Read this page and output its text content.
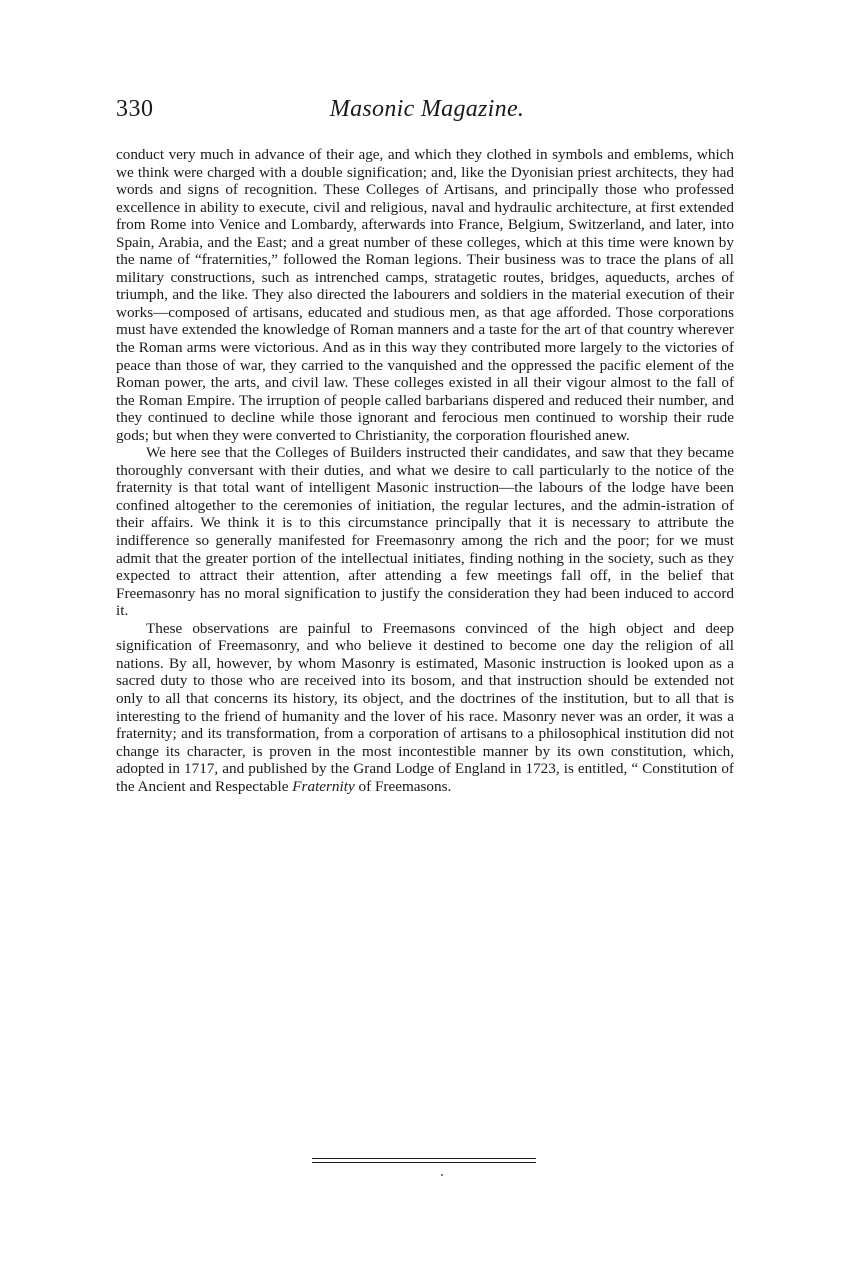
330	Masonic Magazine.

conduct very much in advance of their age, and which they clothed in symbols and emblems, which we think were charged with a double signification; and, like the Dyonisian priest architects, they had words and signs of recognition. These Colleges of Artisans, and principally those who professed excellence in ability to execute, civil and religious, naval and hydraulic architecture, at first extended from Rome into Venice and Lombardy, afterwards into France, Belgium, Switzerland, and later, into Spain, Arabia, and the East; and a great number of these colleges, which at this time were known by the name of “fraternities,” followed the Roman legions. Their business was to trace the plans of all military constructions, such as intrenched camps, stratagetic routes, bridges, aqueducts, arches of triumph, and the like. They also directed the labourers and soldiers in the material execution of their works—composed of artisans, educated and studious men, as that age afforded. Those corporations must have extended the knowledge of Roman manners and a taste for the art of that country wherever the Roman arms were victorious. And as in this way they contributed more largely to the victories of peace than those of war, they carried to the vanquished and the oppressed the pacific element of the Roman power, the arts, and civil law. These colleges existed in all their vigour almost to the fall of the Roman Empire. The irruption of people called barbarians dispered and reduced their number, and they continued to decline while those ignorant and ferocious men continued to worship their rude gods; but when they were converted to Christianity, the corporation flourished anew.

We here see that the Colleges of Builders instructed their candidates, and saw that they became thoroughly conversant with their duties, and what we desire to call particularly to the notice of the fraternity is that total want of intelligent Masonic instruction—the labours of the lodge have been confined altogether to the ceremonies of initiation, the regular lectures, and the admin-istration of their affairs. We think it is to this circumstance principally that it is necessary to attribute the indifference so generally manifested for Freemasonry among the rich and the poor; for we must admit that the greater portion of the intellectual initiates, finding nothing in the society, such as they expected to attract their attention, after attending a few meetings fall off, in the belief that Freemasonry has no moral signification to justify the consideration they had been induced to accord it.

These observations are painful to Freemasons convinced of the high object and deep signification of Freemasonry, and who believe it destined to become one day the religion of all nations. By all, however, by whom Masonry is estimated, Masonic instruction is looked upon as a sacred duty to those who are received into its bosom, and that instruction should be extended not only to all that concerns its history, its object, and the doctrines of the institution, but to all that is interesting to the friend of humanity and the lover of his race. Masonry never was an order, it was a fraternity; and its transformation, from a corporation of artisans to a philosophical institution did not change its character, is proven in the most incontestible manner by its own constitution, which, adopted in 1717, and published by the Grand Lodge of England in 1723, is entitled, “ Constitution of the Ancient and Respectable Fraternity of Freemasons.
